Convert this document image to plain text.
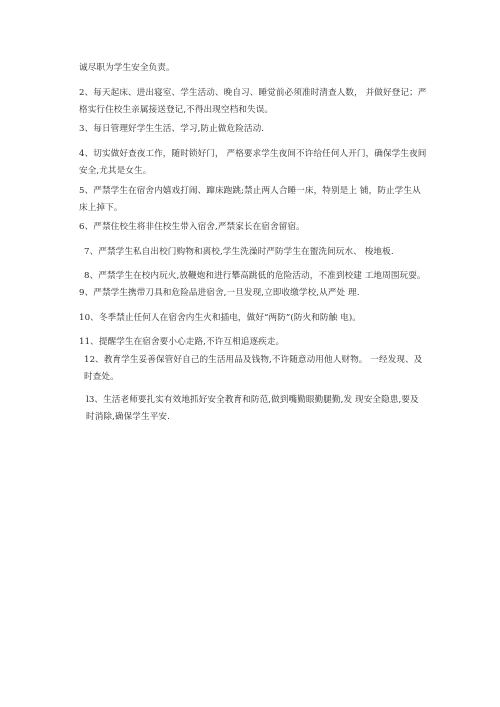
诚尽职为学生安全负责。

2、每天起床、进出寝室、学生活动、晚自习、睡觉前必须准时清查人数， 并做好登记；严格实行住校生亲属接送登记,不得出现空档和失误。

3、每日管理好学生生活、学习,防止做危险活动.

4、切实做好查夜工作，随时锁好门， 严格要求学生夜间不许给任何人开门，确保学生夜间安全,尤其是女生。

5、严禁学生在宿舍内嬉戏打闹、蹿床跑跳;禁止两人合睡一床，特别是上 铺，防止学生从床上掉下。

6、严禁住校生将非住校生带入宿舍,严禁家长在宿舍留宿。

7、严禁学生私自出校门购物和离校,学生洗澡时严防学生在盥洗间玩水、 梭地板.

8、严禁学生在校内玩火,放鞭炮和进行攀高跳低的危险活动，不准到校建 工地周围玩耍。

9、严禁学生携带刀具和危险品进宿舍,一旦发现,立即收缴学校,从严处 理.

10、冬季禁止任何人在宿舍内生火和插电，做好“两防”(防火和防触 电)。

11、提醒学生在宿舍要小心走路,不许互相追逐疾走。

12、教育学生妥善保管好自己的生活用品及钱物,不许随意动用他人财物。 一经发现、及时查处。

l3、生活老师要扎实有效地抓好安全教育和防范,做到嘴勤眼勤腿勤,发 现安全隐患,要及时消除,确保学生平安.
